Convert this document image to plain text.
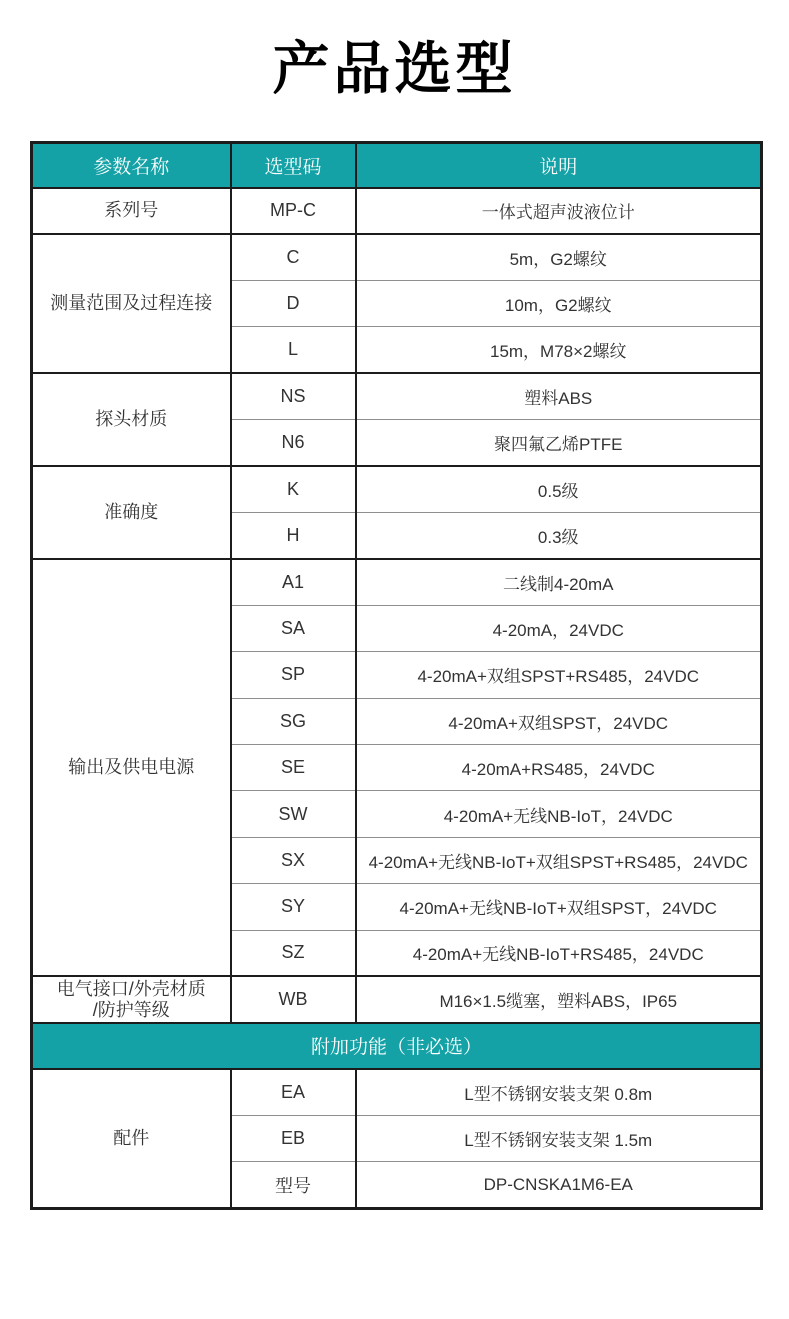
产品选型
参数名称	选型码	说明
系列号	MP-C	一体式超声波液位计
测量范围及过程连接	C	5m，G2螺纹
	D	10m，G2螺纹
	L	15m，M78×2螺纹
探头材质	NS	塑料ABS
	N6	聚四氟乙烯PTFE
准确度	K	0.5级
	H	0.3级
输出及供电电源	A1	二线制4-20mA
	SA	4-20mA，24VDC
	SP	4-20mA+双组SPST+RS485，24VDC
	SG	4-20mA+双组SPST，24VDC
	SE	4-20mA+RS485，24VDC
	SW	4-20mA+无线NB-IoT，24VDC
	SX	4-20mA+无线NB-IoT+双组SPST+RS485，24VDC
	SY	4-20mA+无线NB-IoT+双组SPST，24VDC
	SZ	4-20mA+无线NB-IoT+RS485，24VDC

电气接口/外壳材质
/防护等级	WB	M16×1.5缆塞，塑料ABS，IP65
附加功能（非必选）		
配件	EA	L型不锈钢安装支架 0.8m
	EB	L型不锈钢安装支架 1.5m
	型号	DP-CNSKA1M6-EA
